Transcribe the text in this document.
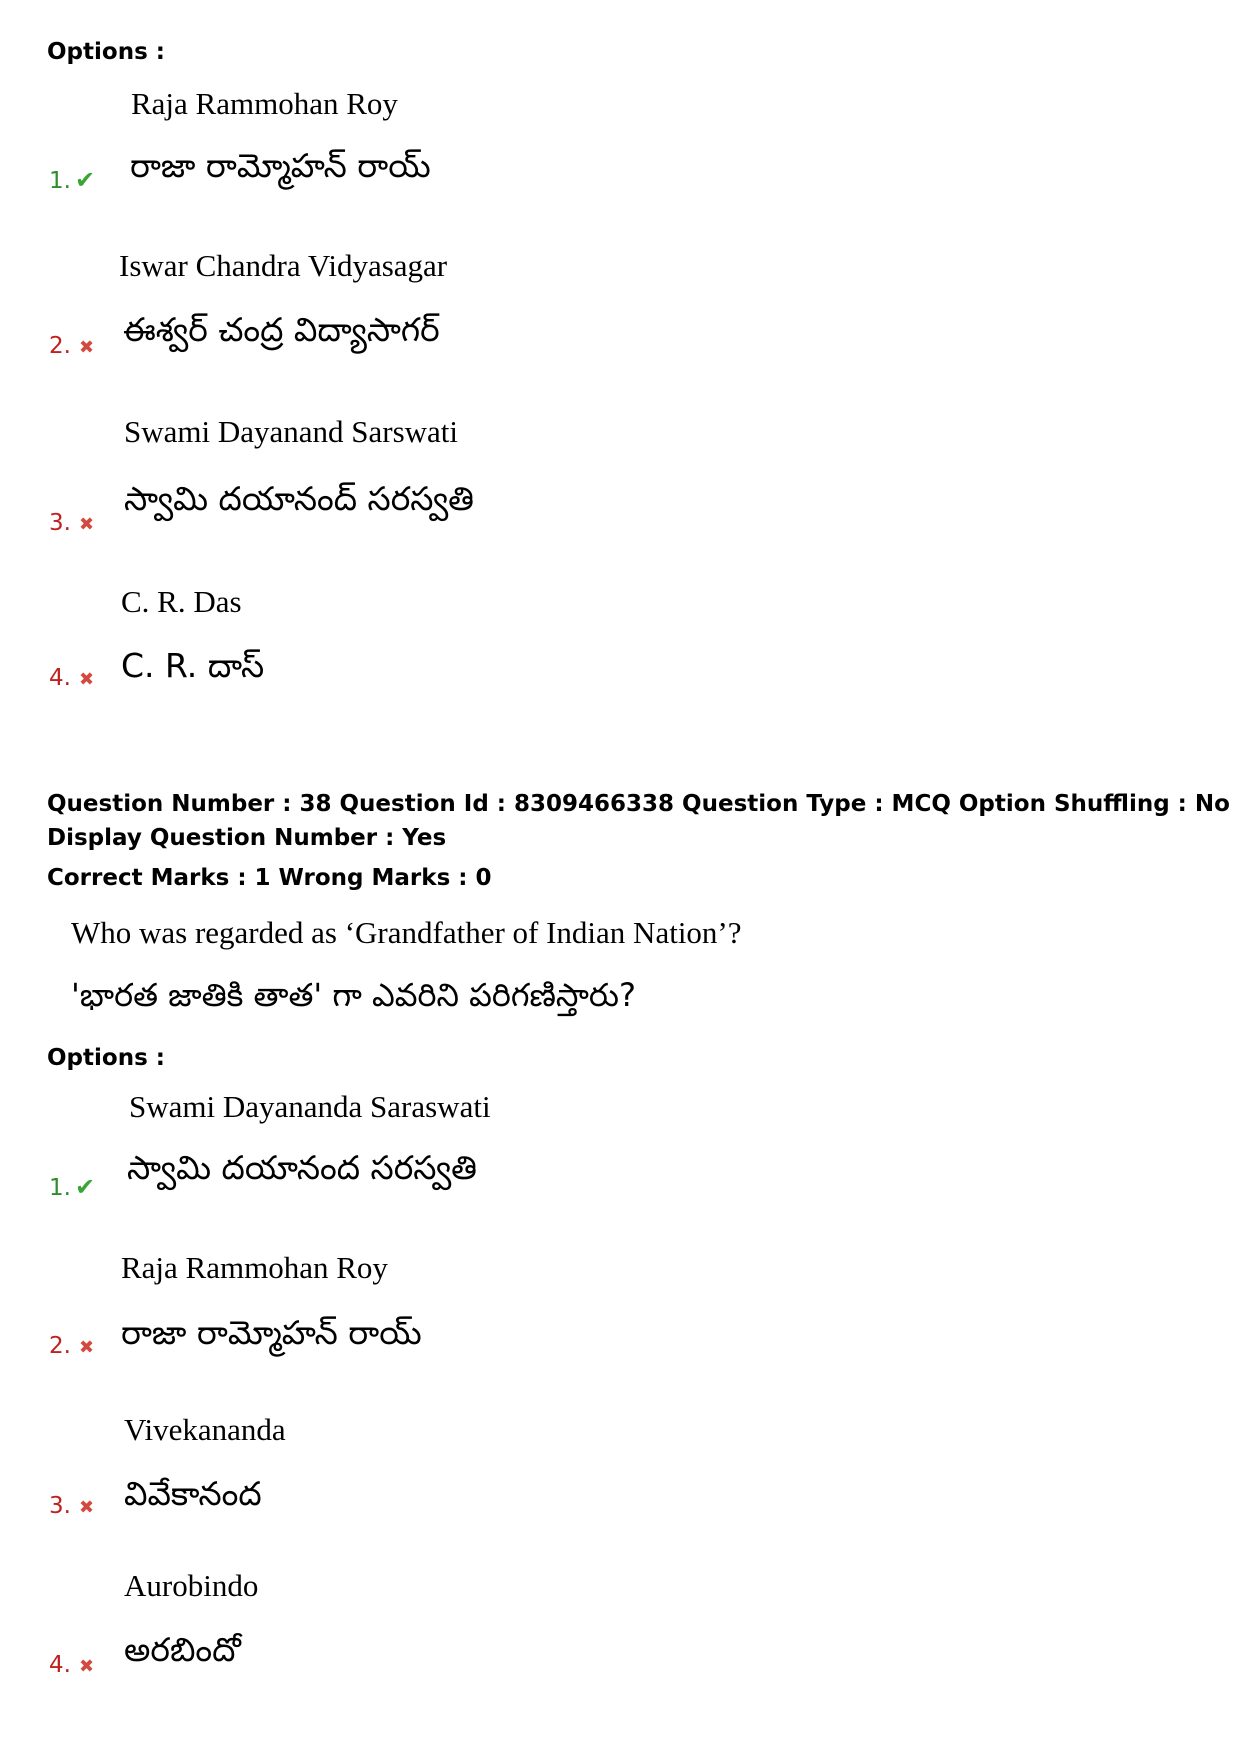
Options :
Raja Rammohan Roy
1. ✔ రాజా రామ్మోహన్ రాయ్
Iswar Chandra Vidyasagar
2. ✖ ఈశ్వర్ చంద్ర విద్యాసాగర్
Swami Dayanand Sarswati
3. ✖
స్వామి దయానంద్ సరస్వతి
C. R. Das
4. ✖ C. R. దాస్
Question Number : 38 Question Id : 8309466338 Question Type : MCQ Option Shuffling : No
Display Question Number : Yes
Correct Marks : 1 Wrong Marks : 0
Who was regarded as ‘Grandfather of Indian Nation’?
'భారత జాతికి తాత' గా ఎవరిని పరిగణిస్తారు?
Options :
Swami Dayananda Saraswati
1. ✔ స్వామి దయానంద సరస్వతి
Raja Rammohan Roy
2. ✖ రాజా రామ్మోహన్ రాయ్
Vivekananda
3. ✖ వివేకానంద
Aurobindo
4. ✖ అరబిందో
